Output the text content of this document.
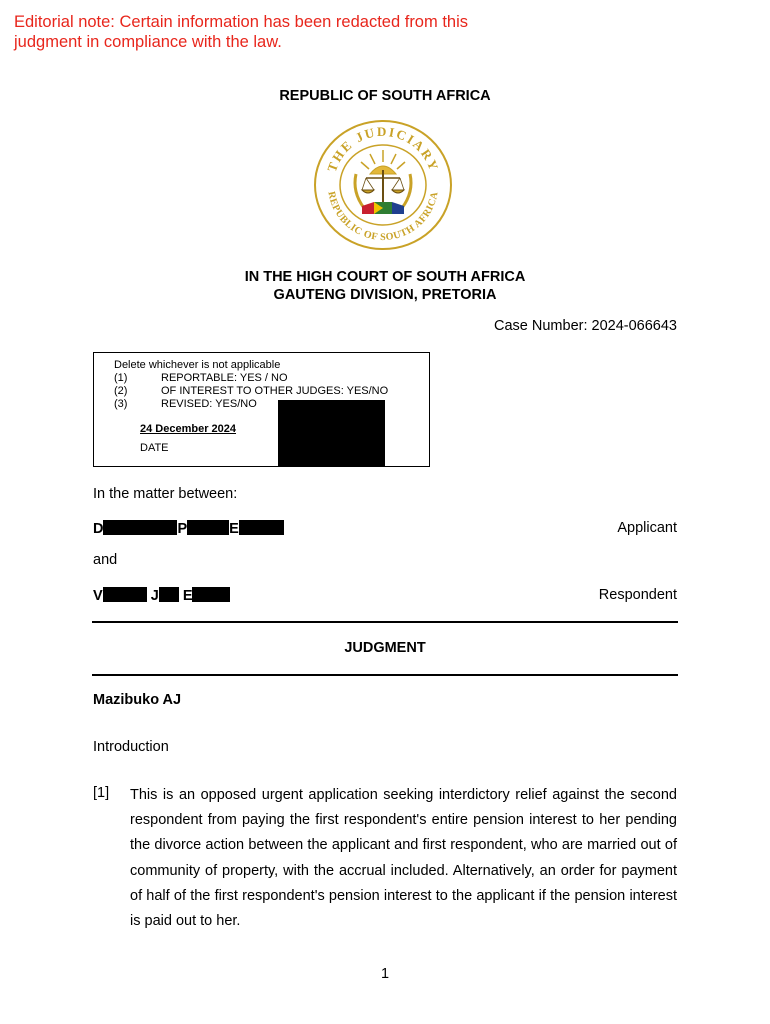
Editorial note: Certain information has been redacted from this judgment in compliance with the law.
REPUBLIC OF SOUTH AFRICA
THE JUDICIARY
REPUBLIC OF SOUTH AFRICA
IN THE HIGH COURT OF SOUTH AFRICA
GAUTENG DIVISION, PRETORIA
Case Number: 2024-066643
Delete whichever is not applicable
(1)	REPORTABLE: YES / NO
(2)	OF INTEREST TO OTHER JUDGES: YES/NO
(3)	REVISED: YES/NO
24 December 2024
DATE
In the matter between:
D	P	E	Applicant
and
V	J E	Respondent
JUDGMENT
Mazibuko AJ
Introduction
[1] This is an opposed urgent application seeking interdictory relief against the second respondent from paying the first respondent's entire pension interest to her pending the divorce action between the applicant and first respondent, who are married out of community of property, with the accrual included. Alternatively, an order for payment of half of the first respondent's pension interest to the applicant if the pension interest is paid out to her.
1
